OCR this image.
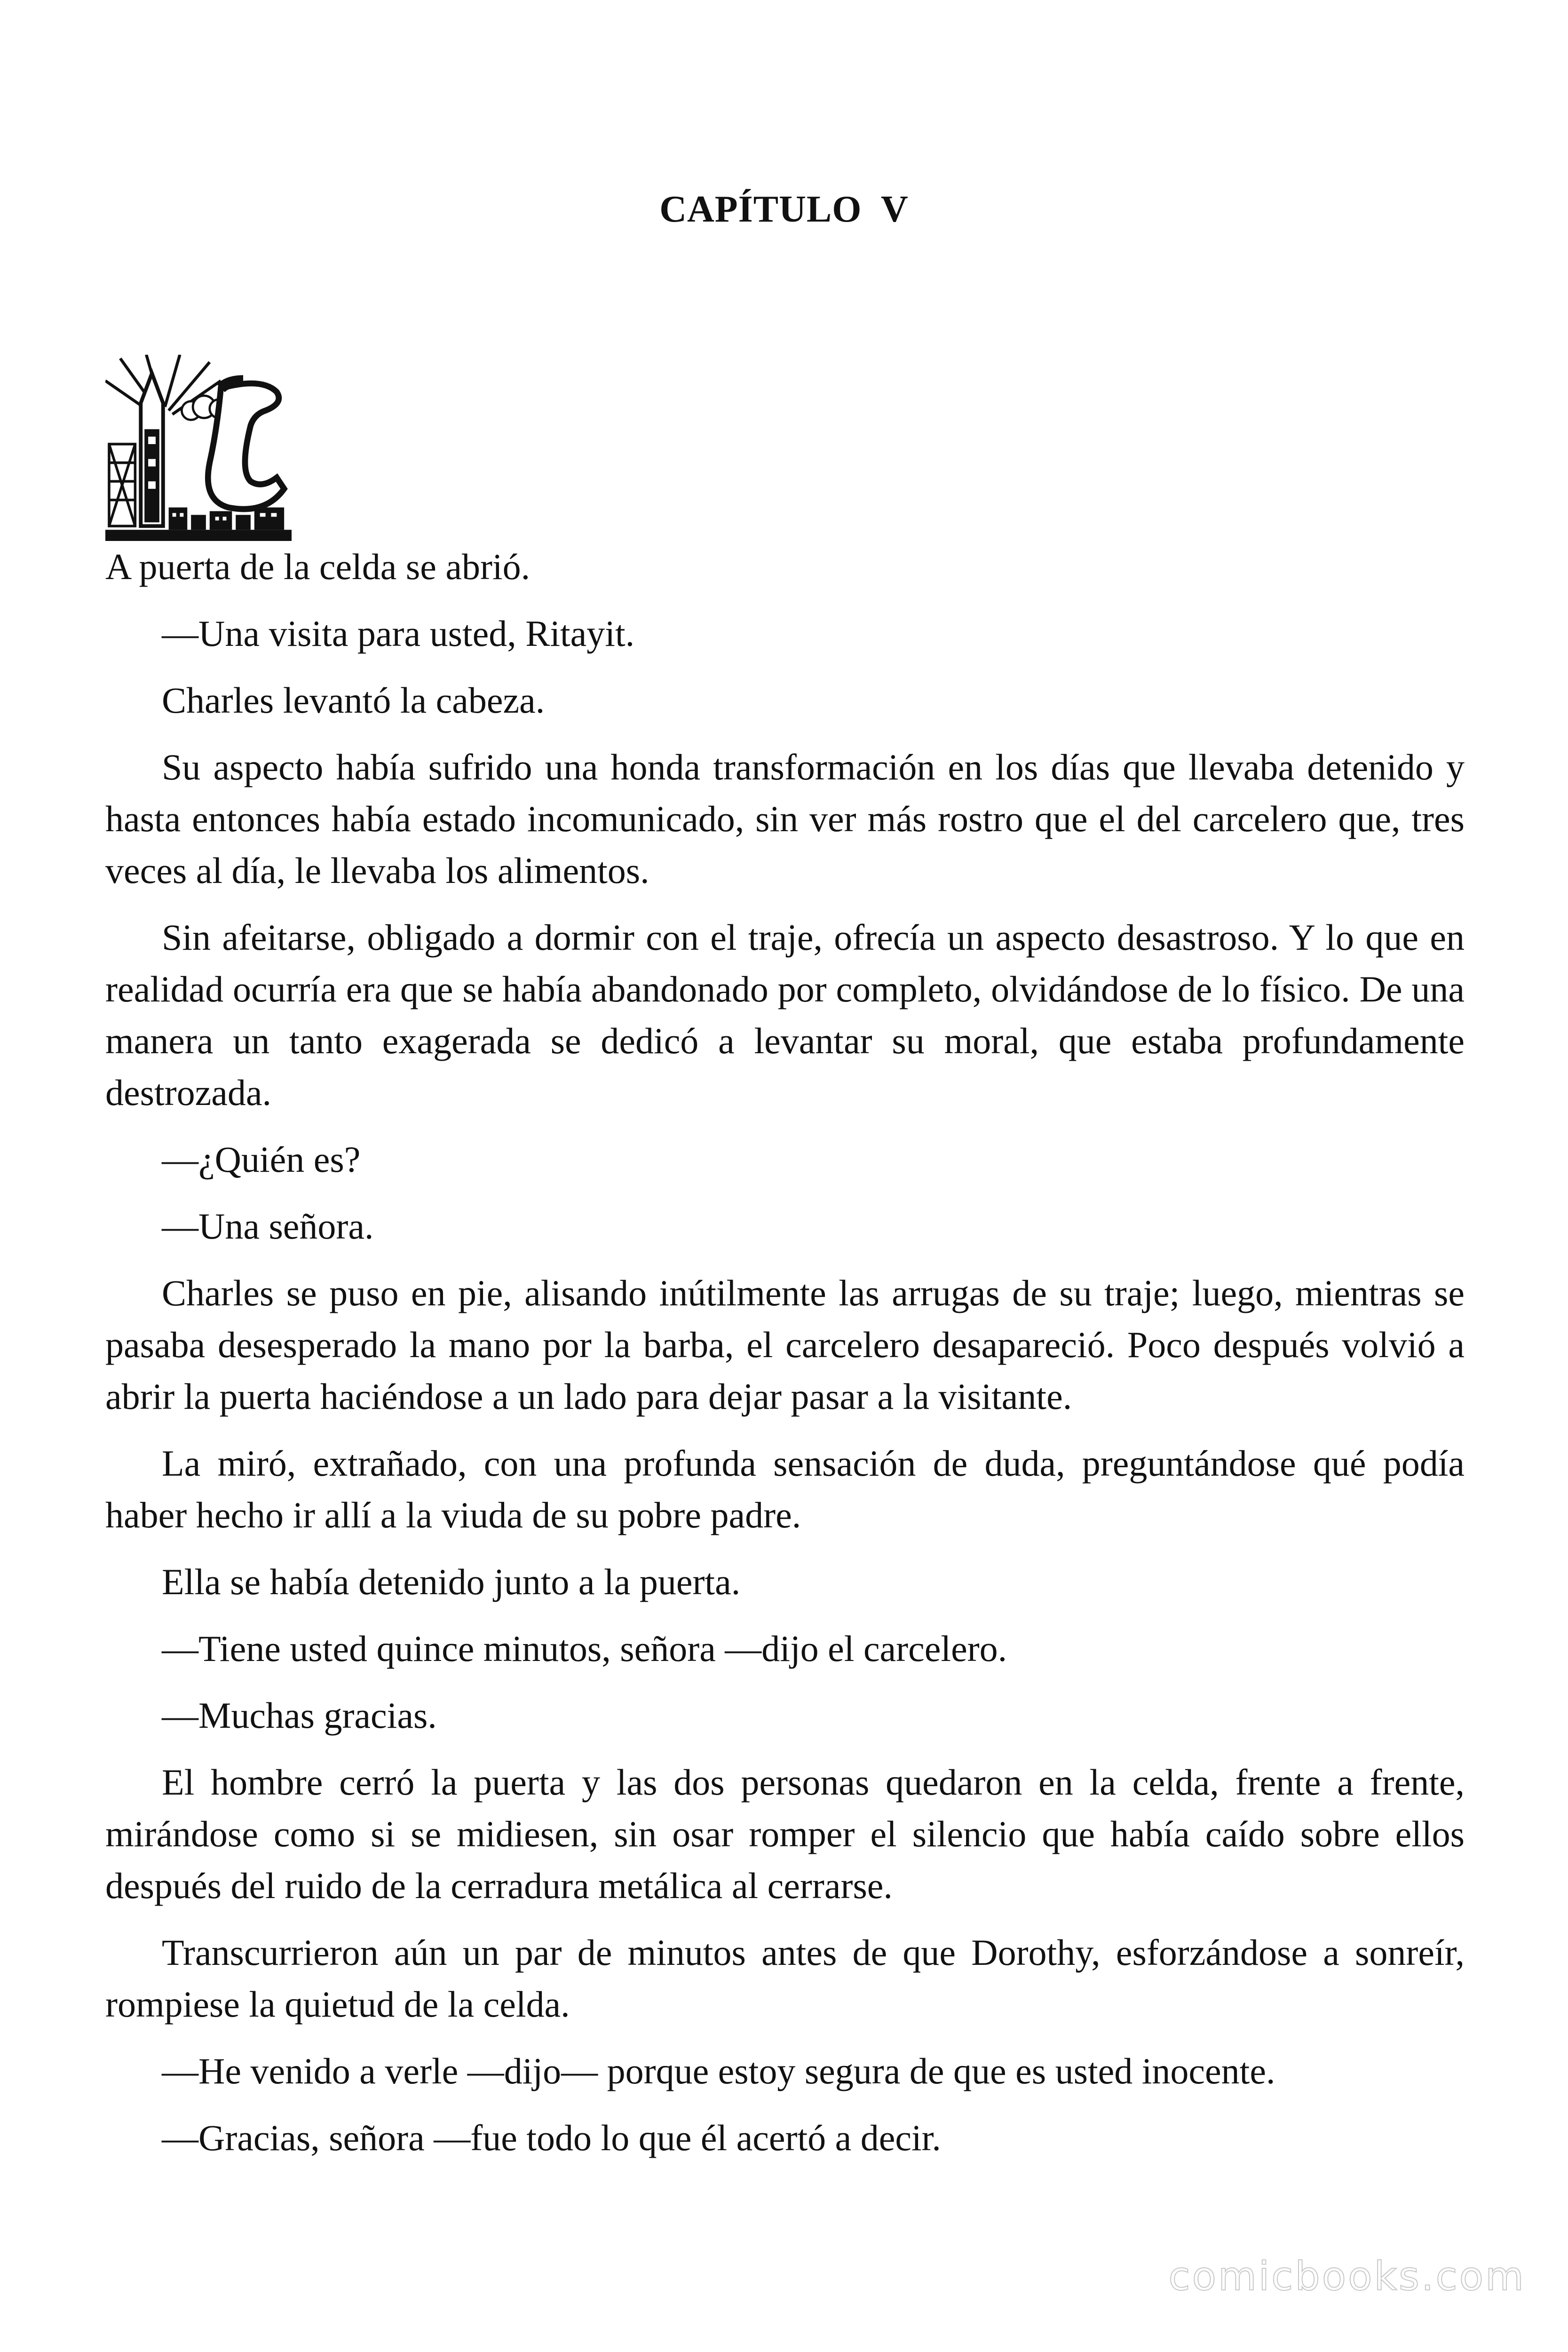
CAPÍTULO  V

A puerta de la celda se abrió.

—Una visita para usted, Ritayit.

Charles levantó la cabeza.

Su aspecto había sufrido una honda transformación en los días que llevaba detenido y hasta entonces había estado incomunicado, sin ver más rostro que el del carcelero que, tres veces al día, le llevaba los alimentos.

Sin afeitarse, obligado a dormir con el traje, ofrecía un aspecto desastroso. Y lo que en realidad ocurría era que se había abandonado por completo, olvidándose de lo físico. De una manera un tanto exagerada se dedicó a levantar su moral, que estaba profundamente destrozada.

—¿Quién es?

—Una señora.

Charles se puso en pie, alisando inútilmente las arrugas de su traje; luego, mientras se pasaba desesperado la mano por la barba, el carcelero desapareció. Poco después volvió a abrir la puerta haciéndose a un lado para dejar pasar a la visitante.

La miró, extrañado, con una profunda sensación de duda, preguntándose qué podía haber hecho ir allí a la viuda de su pobre padre.

Ella se había detenido junto a la puerta.

—Tiene usted quince minutos, señora —dijo el carcelero.

—Muchas gracias.

El hombre cerró la puerta y las dos personas quedaron en la celda, frente a frente, mirándose como si se midiesen, sin osar romper el silencio que había caído sobre ellos después del ruido de la cerradura metálica al cerrarse.

Transcurrieron aún un par de minutos antes de que Dorothy, esforzándose a sonreír, rompiese la quietud de la celda.

—He venido a verle —dijo— porque estoy segura de que es usted inocente.

—Gracias, señora —fue todo lo que él acertó a decir.

comicbooks.com
